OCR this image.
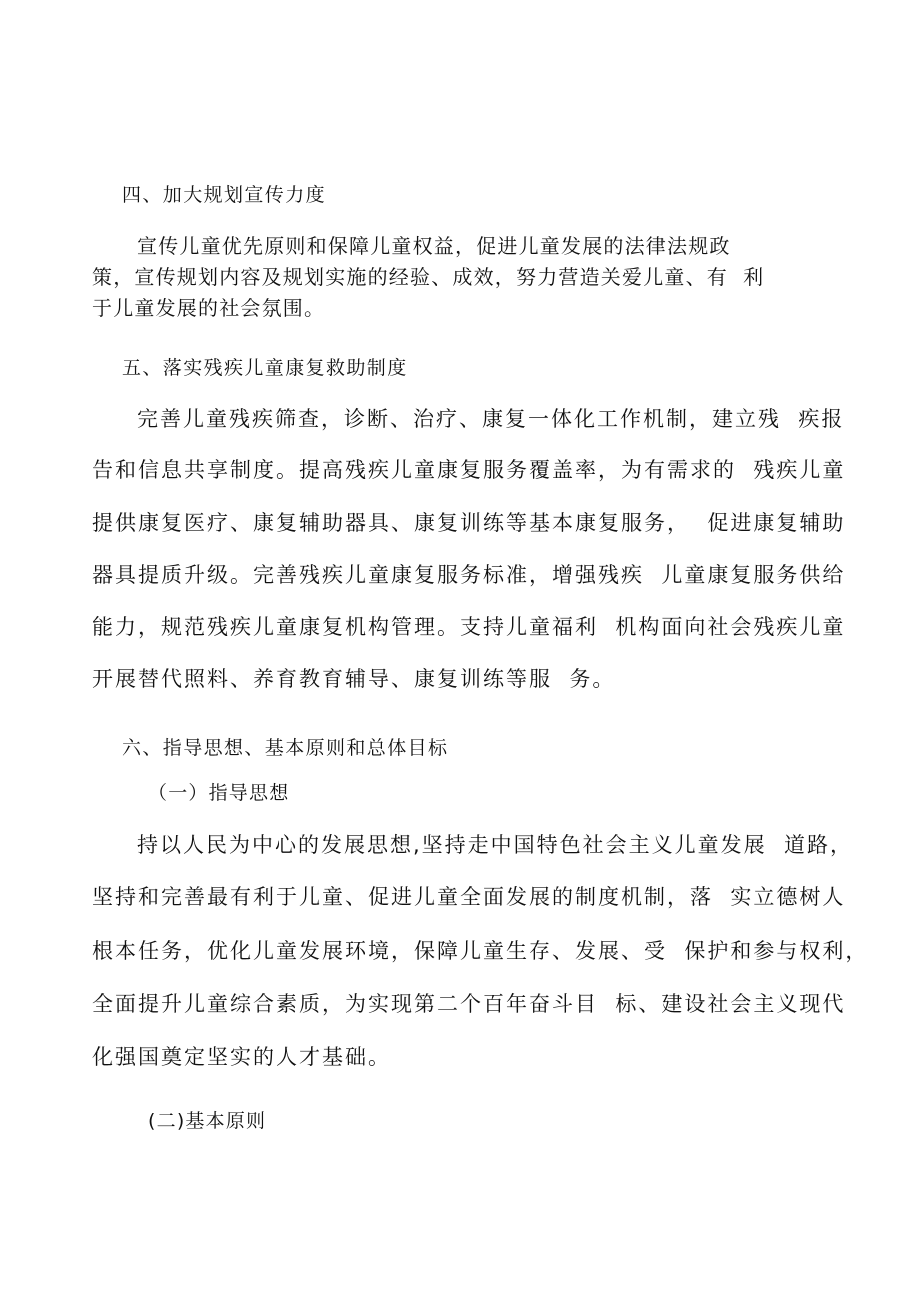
四、加大规划宣传力度

宣传儿童优先原则和保障儿童权益，促进儿童发展的法律法规政

策，宣传规划内容及规划实施的经验、成效，努力营造关爱儿童、有  利

于儿童发展的社会氛围。

五、落实残疾儿童康复救助制度

完善儿童残疾筛查，诊断、治疗、康复一体化工作机制，建立残  疾报

告和信息共享制度。提高残疾儿童康复服务覆盖率，为有需求的  残疾儿童

提供康复医疗、康复辅助器具、康复训练等基本康复服务，  促进康复辅助

器具提质升级。完善残疾儿童康复服务标准，增强残疾  儿童康复服务供给

能力，规范残疾儿童康复机构管理。支持儿童福利  机构面向社会残疾儿童

开展替代照料、养育教育辅导、康复训练等服  务。

六、指导思想、基本原则和总体目标

（一）指导思想

持以人民为中心的发展思想,坚持走中国特色社会主义儿童发展  道路，

坚持和完善最有利于儿童、促进儿童全面发展的制度机制，落  实立德树人

根本任务，优化儿童发展环境，保障儿童生存、发展、受  保护和参与权利，

全面提升儿童综合素质，为实现第二个百年奋斗目  标、建设社会主义现代

化强国奠定坚实的人才基础。

(二)基本原则
